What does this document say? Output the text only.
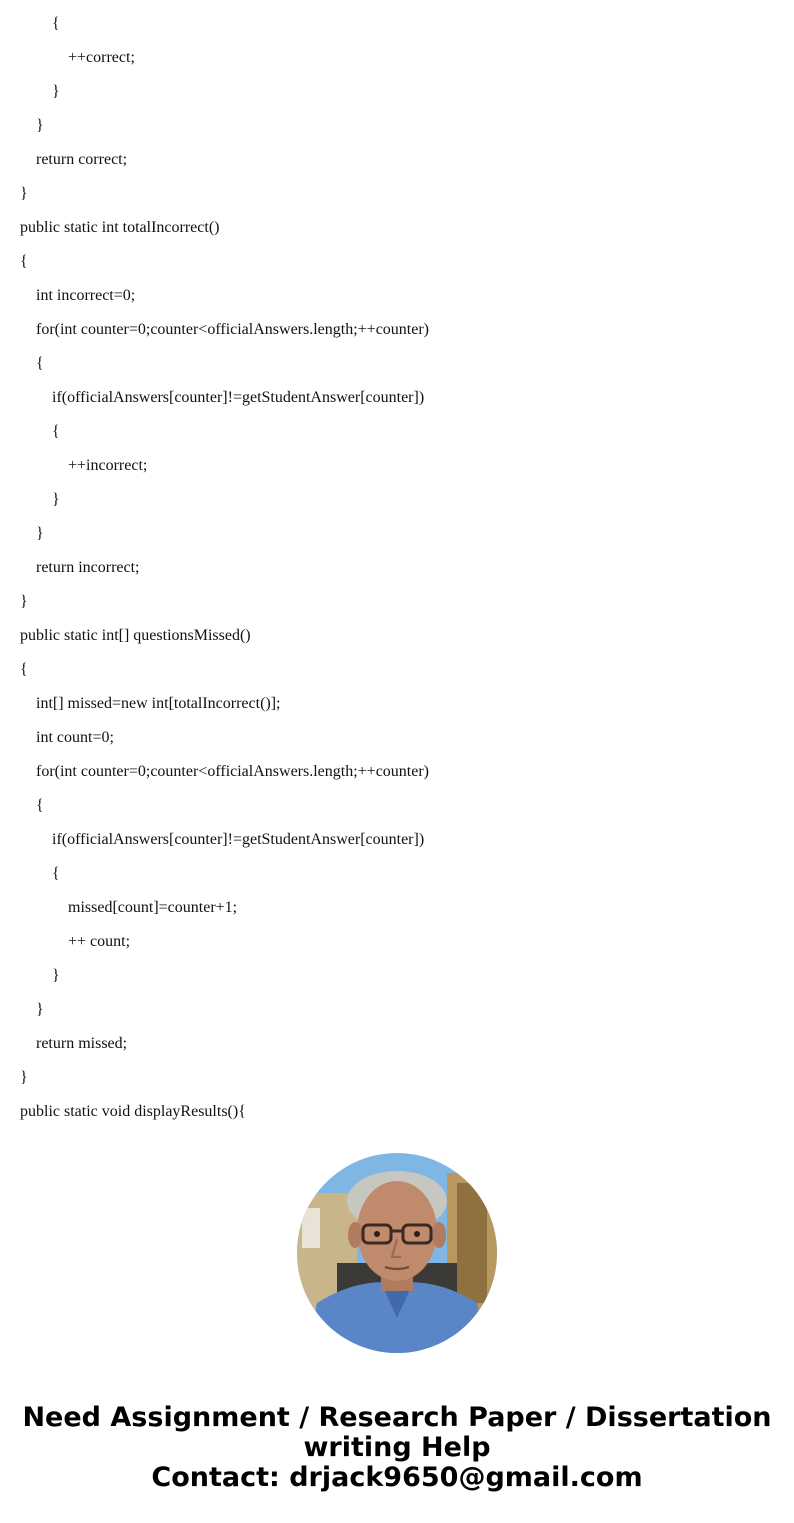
{
++correct;
}
}
return correct;
}
public static int totalIncorrect()
{
int incorrect=0;
for(int counter=0;counter<officialAnswers.length;++counter)
{
if(officialAnswers[counter]!=getStudentAnswer[counter])
{
++incorrect;
}
}
return incorrect;
}
public static int[] questionsMissed()
{
int[] missed=new int[totalIncorrect()];
int count=0;
for(int counter=0;counter<officialAnswers.length;++counter)
{
if(officialAnswers[counter]!=getStudentAnswer[counter])
{
missed[count]=counter+1;
++ count;
}
}
return missed;
}
public static void displayResults(){
Need Assignment / Research Paper / Dissertation
writing Help
Contact: drjack9650@gmail.com
